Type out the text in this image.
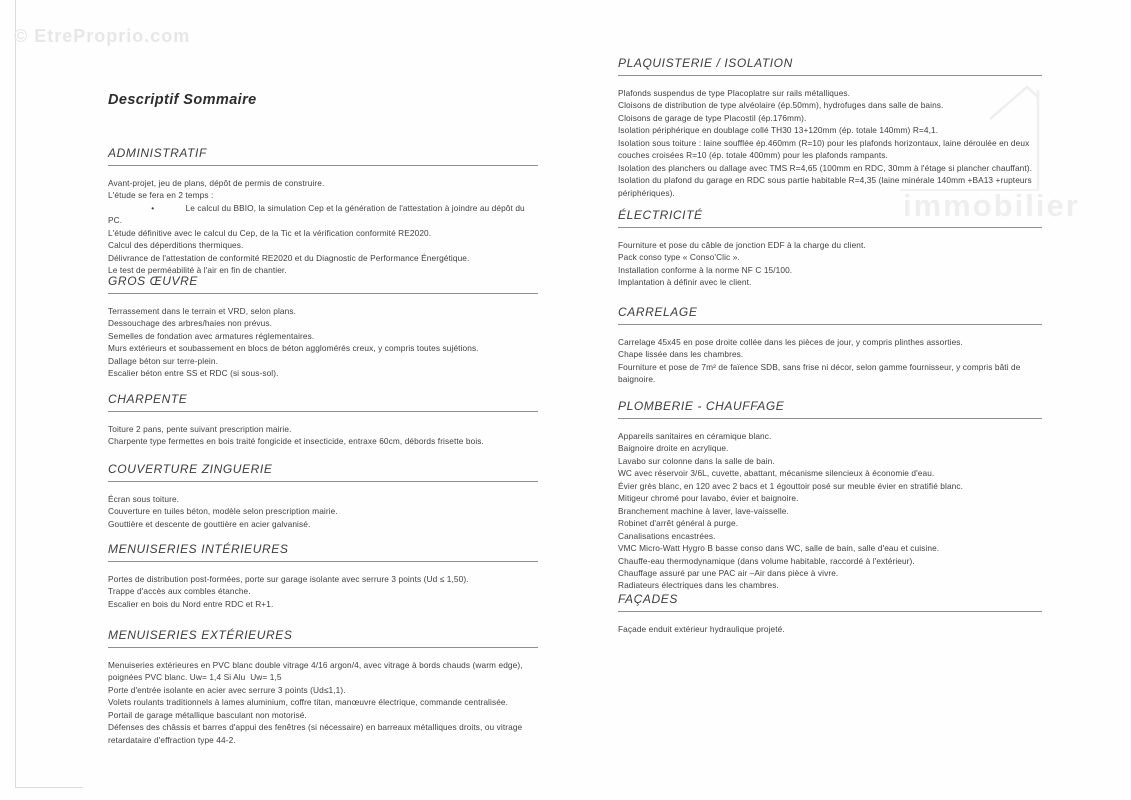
© EtreProprio.com
immobilier
Descriptif Sommaire
ADMINISTRATIF
Avant-projet, jeu de plans, dépôt de permis de construire.
L'étude se fera en 2 temps :
•             Le calcul du BBIO, la simulation Cep et la génération de l'attestation à joindre au dépôt du PC.
L'étude définitive avec le calcul du Cep, de la Tic et la vérification conformité RE2020.
Calcul des déperditions thermiques.
Délivrance de l'attestation de conformité RE2020 et du Diagnostic de Performance Énergétique.
Le test de perméabilité à l'air en fin de chantier.
GROS ŒUVRE
Terrassement dans le terrain et VRD, selon plans.
Dessouchage des arbres/haies non prévus.
Semelles de fondation avec armatures réglementaires.
Murs extérieurs et soubassement en blocs de béton agglomérés creux, y compris toutes sujétions.
Dallage béton sur terre-plein.
Escalier béton entre SS et RDC (si sous-sol).
CHARPENTE
Toiture 2 pans, pente suivant prescription mairie.
Charpente type fermettes en bois traité fongicide et insecticide, entraxe 60cm, débords frisette bois.
COUVERTURE ZINGUERIE
Écran sous toiture.
Couverture en tuiles béton, modèle selon prescription mairie.
Gouttière et descente de gouttière en acier galvanisé.
MENUISERIES INTÉRIEURES
Portes de distribution post-formées, porte sur garage isolante avec serrure 3 points (Ud ≤ 1,50).
Trappe d'accès aux combles étanche.
Escalier en bois du Nord entre RDC et R+1.
MENUISERIES EXTÉRIEURES
Menuiseries extérieures en PVC blanc double vitrage 4/16 argon/4, avec vitrage à bords chauds (warm edge), poignées PVC blanc. Uw= 1,4 Si Alu  Uw= 1,5
Porte d'entrée isolante en acier avec serrure 3 points (Ud≤1,1).
Volets roulants traditionnels à lames aluminium, coffre titan, manœuvre électrique, commande centralisée.
Portail de garage métallique basculant non motorisé.
Défenses des châssis et barres d'appui des fenêtres (si nécessaire) en barreaux métalliques droits, ou vitrage retardataire d'effraction type 44-2.
PLAQUISTERIE / ISOLATION
Plafonds suspendus de type Placoplatre sur rails métalliques.
Cloisons de distribution de type alvéolaire (ép.50mm), hydrofuges dans salle de bains.
Cloisons de garage de type Placostil (ép.176mm).
Isolation périphérique en doublage collé TH30 13+120mm (ép. totale 140mm) R=4,1.
Isolation sous toiture : laine soufflée ép.460mm (R=10) pour les plafonds horizontaux, laine déroulée en deux couches croisées R=10 (ép. totale 400mm) pour les plafonds rampants.
Isolation des planchers ou dallage avec TMS R=4,65 (100mm en RDC, 30mm à l'étage si plancher chauffant).
Isolation du plafond du garage en RDC sous partie habitable R=4,35 (laine minérale 140mm +BA13 +rupteurs périphériques).
ÉLECTRICITÉ
Fourniture et pose du câble de jonction EDF à la charge du client.
Pack conso type « Conso'Clic ».
Installation conforme à la norme NF C 15/100.
Implantation à définir avec le client.
CARRELAGE
Carrelage 45x45 en pose droite collée dans les pièces de jour, y compris plinthes assorties.
Chape lissée dans les chambres.
Fourniture et pose de 7m² de faïence SDB, sans frise ni décor, selon gamme fournisseur, y compris bâti de baignoire.
PLOMBERIE - CHAUFFAGE
Appareils sanitaires en céramique blanc.
Baignoire droite en acrylique.
Lavabo sur colonne dans la salle de bain.
WC avec réservoir 3/6L, cuvette, abattant, mécanisme silencieux à économie d'eau.
Évier grès blanc, en 120 avec 2 bacs et 1 égouttoir posé sur meuble évier en stratifié blanc.
Mitigeur chromé pour lavabo, évier et baignoire.
Branchement machine à laver, lave-vaisselle.
Robinet d'arrêt général à purge.
Canalisations encastrées.
VMC Micro-Watt Hygro B basse conso dans WC, salle de bain, salle d'eau et cuisine.
Chauffe-eau thermodynamique (dans volume habitable, raccordé à l'extérieur).
Chauffage assuré par une PAC air –Air dans pièce à vivre.
Radiateurs électriques dans les chambres.
FAÇADES
Façade enduit extérieur hydraulique projeté.
